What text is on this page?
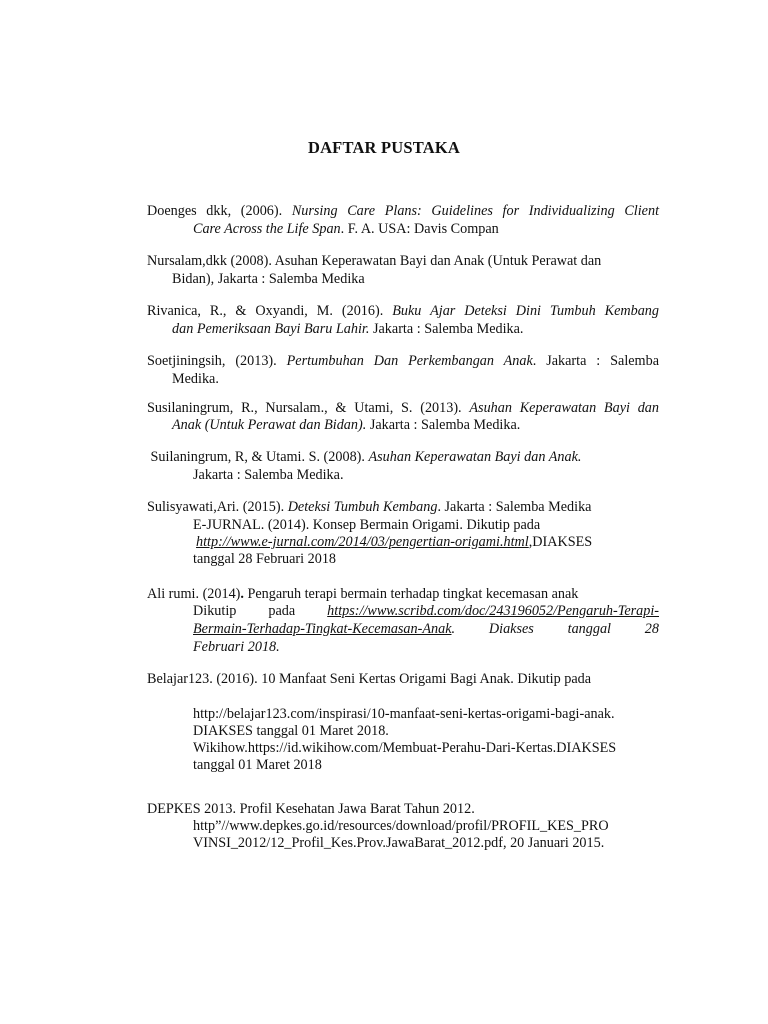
DAFTAR PUSTAKA
Doenges dkk, (2006). Nursing Care Plans: Guidelines for Individualizing Client
Care Across the Life Span. F. A. USA: Davis Compan
Nursalam,dkk (2008). Asuhan Keperawatan Bayi dan Anak (Untuk Perawat dan
Bidan), Jakarta : Salemba Medika
Rivanica, R., & Oxyandi, M. (2016). Buku Ajar Deteksi Dini Tumbuh Kembang
dan Pemeriksaan Bayi Baru Lahir. Jakarta : Salemba Medika.
Soetjiningsih, (2013). Pertumbuhan Dan Perkembangan Anak. Jakarta : Salemba
Medika.
Susilaningrum, R., Nursalam., & Utami, S. (2013). Asuhan Keperawatan Bayi dan
Anak (Untuk Perawat dan Bidan). Jakarta : Salemba Medika.
Suilaningrum, R, & Utami. S. (2008). Asuhan Keperawatan Bayi dan Anak.
Jakarta : Salemba Medika.
Sulisyawati,Ari. (2015). Deteksi Tumbuh Kembang. Jakarta : Salemba Medika
E-JURNAL. (2014). Konsep Bermain Origami. Dikutip pada
http://www.e-jurnal.com/2014/03/pengertian-origami.html,DIAKSES
tanggal 28 Februari 2018
Ali rumi. (2014). Pengaruh terapi bermain terhadap tingkat kecemasan anak
Dikutip pada https://www.scribd.com/doc/243196052/Pengaruh-Terapi-
Bermain-Terhadap-Tingkat-Kecemasan-Anak. Diakses tanggal 28
Februari 2018.
Belajar123. (2016). 10 Manfaat Seni Kertas Origami Bagi Anak. Dikutip pada
http://belajar123.com/inspirasi/10-manfaat-seni-kertas-origami-bagi-anak.
DIAKSES tanggal 01 Maret 2018.
Wikihow.https://id.wikihow.com/Membuat-Perahu-Dari-Kertas.DIAKSES
tanggal 01 Maret 2018
DEPKES 2013. Profil Kesehatan Jawa Barat Tahun 2012.
http”//www.depkes.go.id/resources/download/profil/PROFIL_KES_PRO
VINSI_2012/12_Profil_Kes.Prov.JawaBarat_2012.pdf, 20 Januari 2015.
